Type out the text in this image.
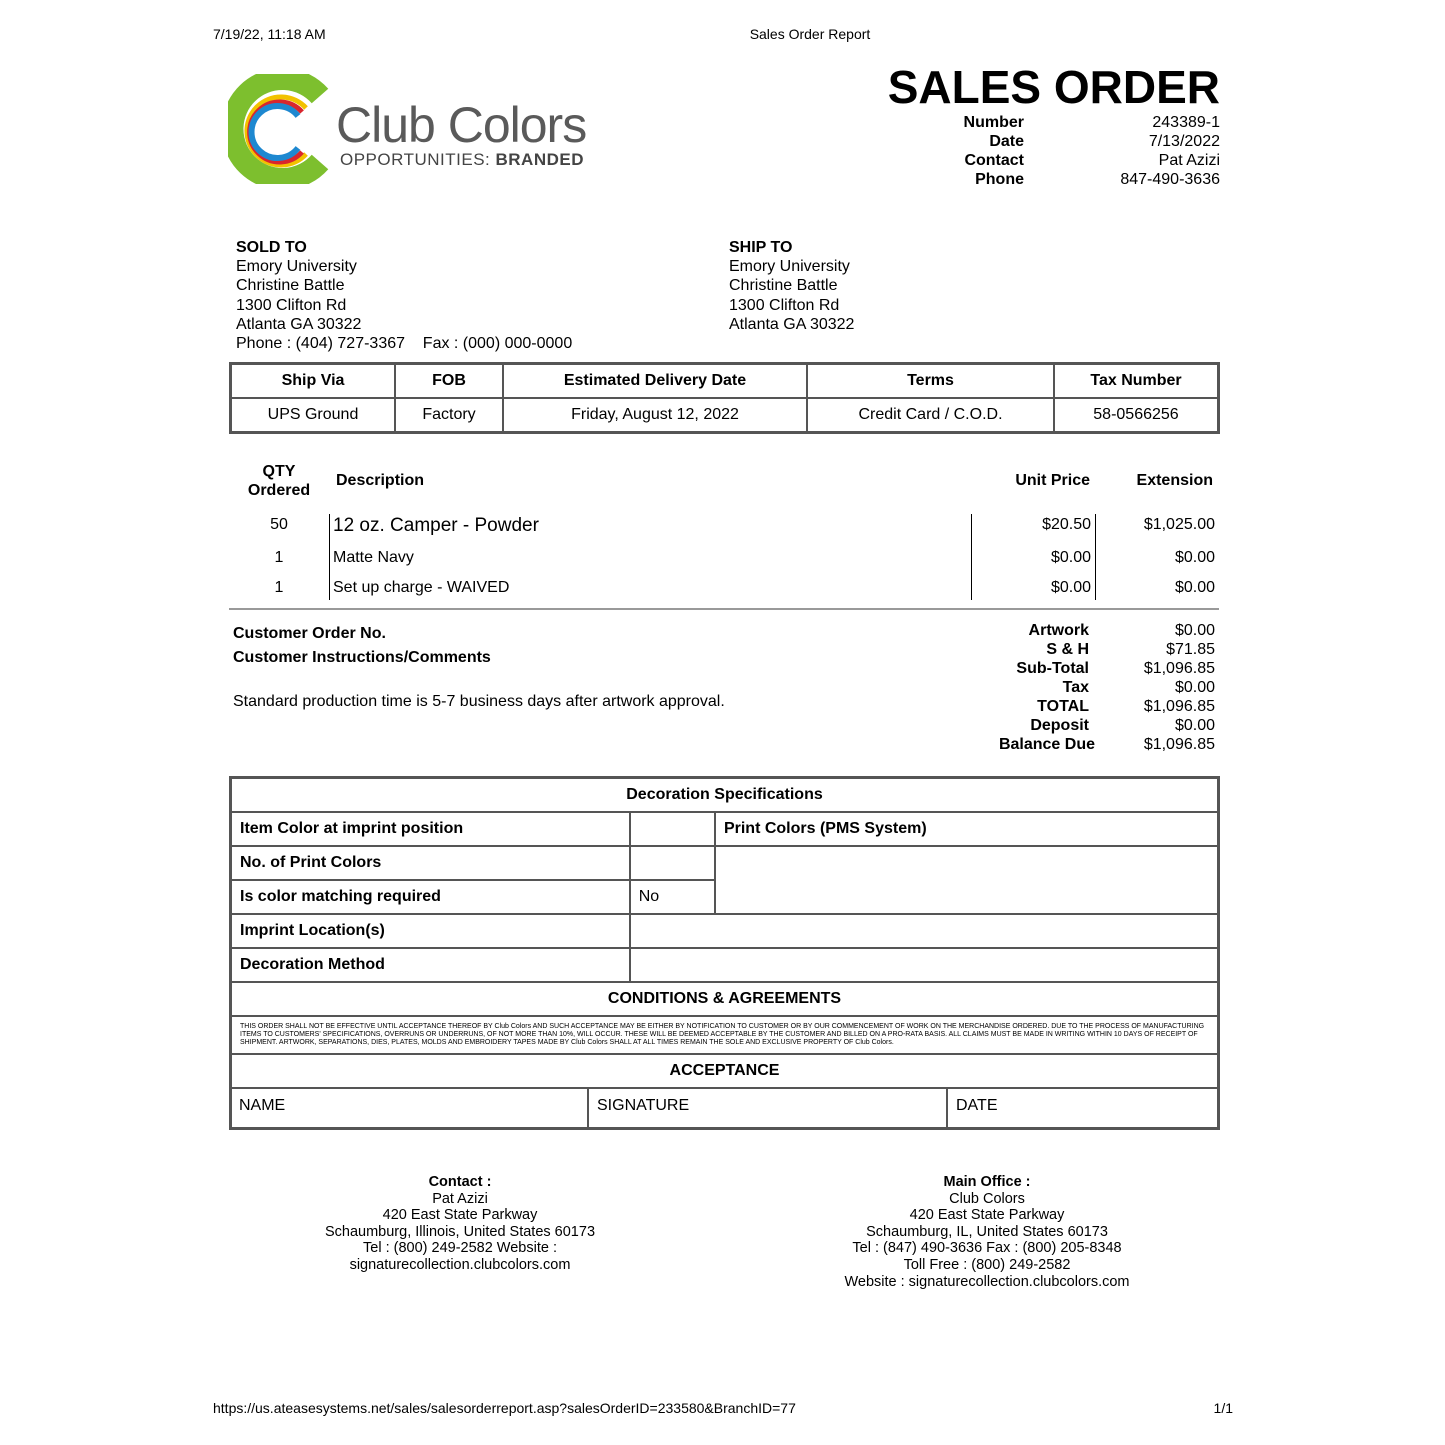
7/19/22, 11:18 AM	Sales Order Report
Club Colors
OPPORTUNITIES: BRANDED
SALES ORDER
Number	243389-1
Date	7/13/2022
Contact	Pat Azizi
Phone	847-490-3636
SOLD TO
Emory University
Christine Battle
1300 Clifton Rd
Atlanta GA 30322
Phone : (404) 727-3367 Fax : (000) 000-0000
SHIP TO
Emory University
Christine Battle
1300 Clifton Rd
Atlanta GA 30322
Ship Via	FOB	Estimated Delivery Date	Terms	Tax Number
UPS Ground	Factory	Friday, August 12, 2022	Credit Card / C.O.D.	58-0566256
QTY
Ordered
Description	Unit Price	Extension
50	12 oz. Camper - Powder	$20.50	$1,025.00
1	Matte Navy	$0.00	$0.00
1	Set up charge - WAIVED	$0.00	$0.00
Customer Order No.
Customer Instructions/Comments
Standard production time is 5-7 business days after artwork approval.
Artwork	$0.00
S & H	$71.85
Sub-Total	$1,096.85
Tax	$0.00
TOTAL	$1,096.85
Deposit	$0.00
Balance Due	$1,096.85
Decoration Specifications		
Item Color at imprint position		Print Colors (PMS System)
No. of Print Colors		
Is color matching required	No	
Imprint Location(s)		
Decoration Method		
CONDITIONS & AGREEMENTS		
THIS ORDER SHALL NOT BE EFFECTIVE UNTIL ACCEPTANCE THEREOF BY Club Colors AND SUCH ACCEPTANCE MAY BE EITHER BY NOTIFICATION TO CUSTOMER OR BY OUR COMMENCEMENT OF WORK ON THE MERCHANDISE ORDERED. DUE TO THE PROCESS OF MANUFACTURING ITEMS TO CUSTOMERS' SPECIFICATIONS, OVERRUNS OR UNDERRUNS, OF NOT MORE THAN 10%, WILL OCCUR. THESE WILL BE DEEMED ACCEPTABLE BY THE CUSTOMER AND BILLED ON A PRO-RATA BASIS. ALL CLAIMS MUST BE MADE IN WRITING WITHIN 10 DAYS OF RECEIPT OF SHIPMENT. ARTWORK, SEPARATIONS, DIES, PLATES, MOLDS AND EMBROIDERY TAPES MADE BY Club Colors SHALL AT ALL TIMES REMAIN THE SOLE AND EXCLUSIVE PROPERTY OF Club Colors.		
ACCEPTANCE		

NAME SIGNATURE DATE		
Contact :
Pat Azizi
420 East State Parkway
Schaumburg, Illinois, United States 60173
Tel : (800) 249-2582 Website :
signaturecollection.clubcolors.com
Main Office :
Club Colors
420 East State Parkway
Schaumburg, IL, United States 60173
Tel : (847) 490-3636 Fax : (800) 205-8348
Toll Free : (800) 249-2582
Website : signaturecollection.clubcolors.com
https://us.ateasesystems.net/sales/salesorderreport.asp?salesOrderID=233580&BranchID=77	1/1
